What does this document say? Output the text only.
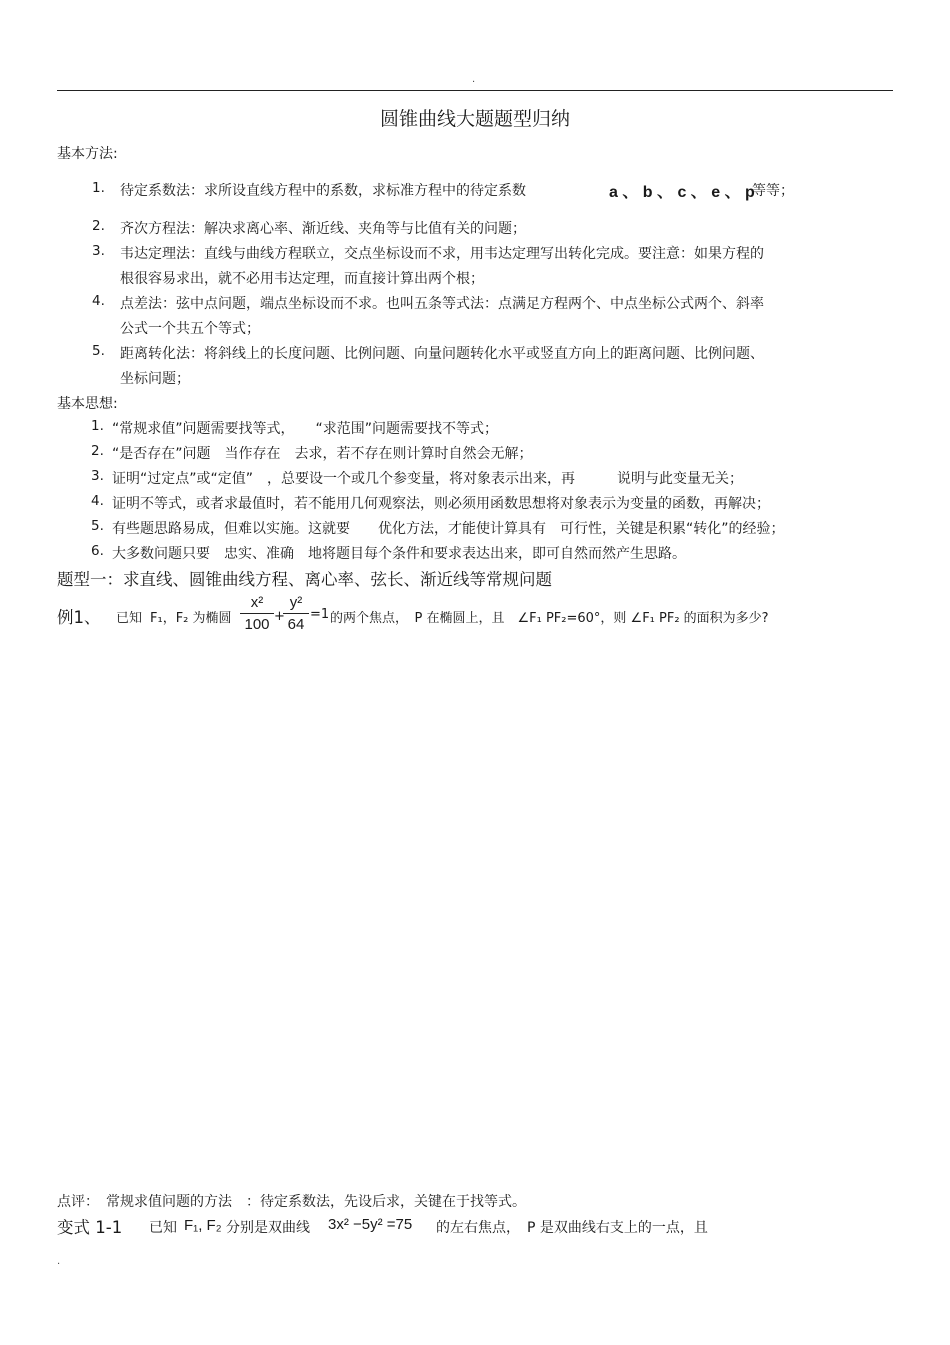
.
圆锥曲线大题题型归纳
基本方法:
1. 待定系数法：求所设直线方程中的系数，求标准方程中的待定系数	a 、 b 、 c 、 e 、 p
等等；
2. 齐次方程法：解决求离心率、渐近线、夹角等与比值有关的问题；
3. 韦达定理法：直线与曲线方程联立，交点坐标设而不求，用韦达定理写出转化完成。要注意：如果方程的
根很容易求出，就不必用韦达定理，而直接计算出两个根；
4. 点差法：弦中点问题，端点坐标设而不求。也叫五条等式法：点满足方程两个、中点坐标公式两个、斜率
公式一个共五个等式；
5. 距离转化法：将斜线上的长度问题、比例问题、向量问题转化水平或竖直方向上的距离问题、比例问题、
坐标问题；
基本思想:
1. “常规求值”问题需要找等式，　　“求范围”问题需要找不等式；
2. “是否存在”问题　当作存在　去求，若不存在则计算时自然会无解；
3. 证明“过定点”或“定值”　，总要设一个或几个参变量，将对象表示出来，再　　　说明与此变量无关；
4. 证明不等式，或者求最值时，若不能用几何观察法，则必须用函数思想将对象表示为变量的函数，再解决；
5. 有些题思路易成，但难以实施。这就要　　优化方法，才能使计算具有　可行性，关键是积累“转化”的经验；
6. 大多数问题只要　忠实、准确　地将题目每个条件和要求表达出来，即可自然而然产生思路。
题型一：求直线、圆锥曲线方程、离心率、弦长、渐近线等常规问题
例1、 已知 F₁，F₂ 为椭圆 $\frac{\text{x²}}{100}$ +
$\frac{\text{y²}}{64} =1$ 的两个焦点，　P 在椭圆上，且　∠F₁ PF₂=60°，则 ∠F₁ PF₂ 的面积为多少?
点评：　常规求值问题的方法　：待定系数法，先设后求，关键在于找等式。
变式 1-1 已知 F₁, F₂ 分别是双曲线 3x² −5y² =75 的左右焦点，　P 是双曲线右支上的一点，且
.
